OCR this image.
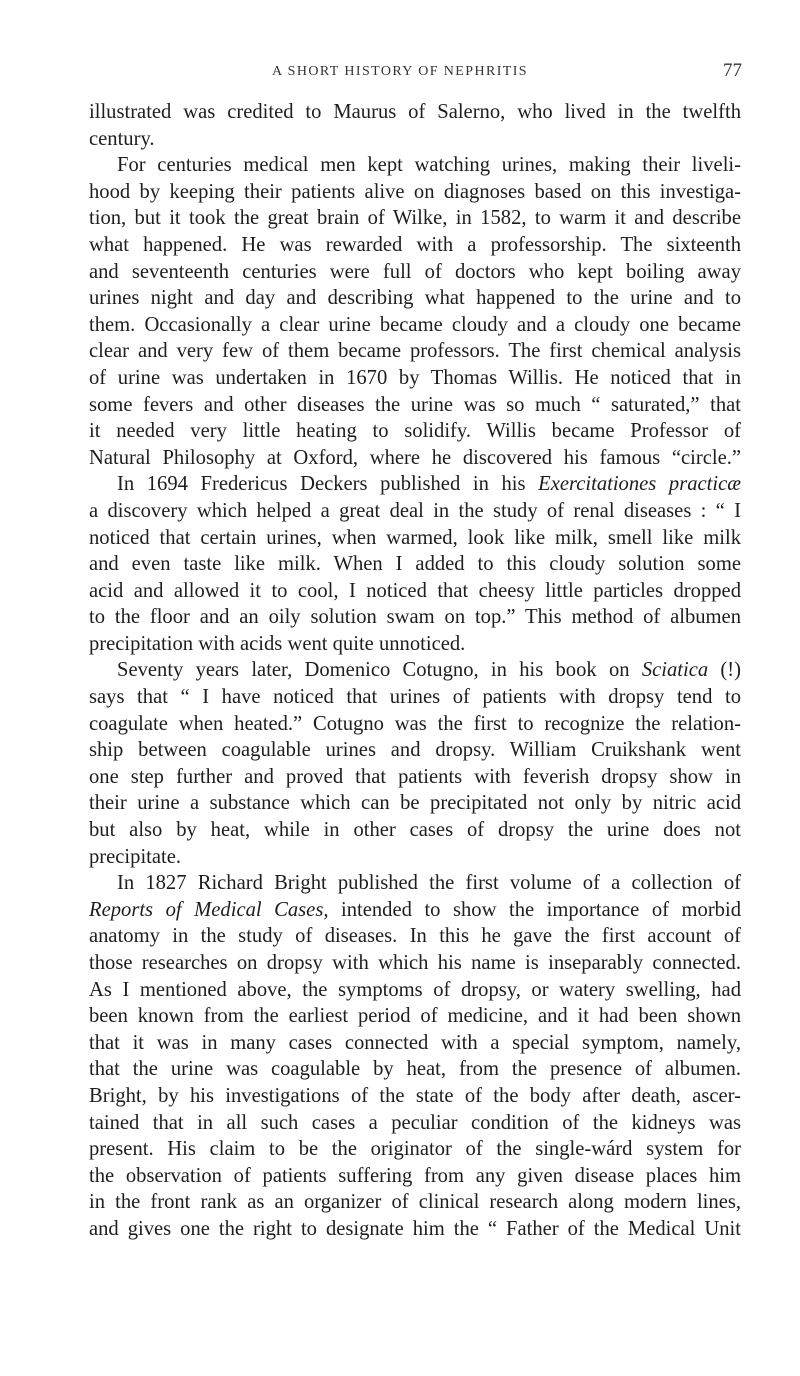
A SHORT HISTORY OF NEPHRITIS	77
illustrated was credited to Maurus of Salerno, who lived in the twelfth
century.
For centuries medical men kept watching urines, making their liveli-
hood by keeping their patients alive on diagnoses based on this investiga-
tion, but it took the great brain of Wilke, in 1582, to warm it and describe
what happened. He was rewarded with a professorship. The sixteenth
and seventeenth centuries were full of doctors who kept boiling away
urines night and day and describing what happened to the urine and to
them. Occasionally a clear urine became cloudy and a cloudy one became
clear and very few of them became professors. The first chemical analysis
of urine was undertaken in 1670 by Thomas Willis. He noticed that in
some fevers and other diseases the urine was so much “ saturated,” that
it needed very little heating to solidify. Willis became Professor of
Natural Philosophy at Oxford, where he discovered his famous “circle.”
In 1694 Fredericus Deckers published in his Exercitationes practicæ
a discovery which helped a great deal in the study of renal diseases : “ I
noticed that certain urines, when warmed, look like milk, smell like milk
and even taste like milk. When I added to this cloudy solution some
acid and allowed it to cool, I noticed that cheesy little particles dropped
to the floor and an oily solution swam on top.” This method of albumen
precipitation with acids went quite unnoticed.
Seventy years later, Domenico Cotugno, in his book on Sciatica (!)
says that “ I have noticed that urines of patients with dropsy tend to
coagulate when heated.” Cotugno was the first to recognize the relation-
ship between coagulable urines and dropsy. William Cruikshank went
one step further and proved that patients with feverish dropsy show in
their urine a substance which can be precipitated not only by nitric acid
but also by heat, while in other cases of dropsy the urine does not
precipitate.
In 1827 Richard Bright published the first volume of a collection of
Reports of Medical Cases, intended to show the importance of morbid
anatomy in the study of diseases. In this he gave the first account of
those researches on dropsy with which his name is inseparably connected.
As I mentioned above, the symptoms of dropsy, or watery swelling, had
been known from the earliest period of medicine, and it had been shown
that it was in many cases connected with a special symptom, namely,
that the urine was coagulable by heat, from the presence of albumen.
Bright, by his investigations of the state of the body after death, ascer-
tained that in all such cases a peculiar condition of the kidneys was
present. His claim to be the originator of the single-wárd system for
the observation of patients suffering from any given disease places him
in the front rank as an organizer of clinical research along modern lines,
and gives one the right to designate him the “ Father of the Medical Unit
